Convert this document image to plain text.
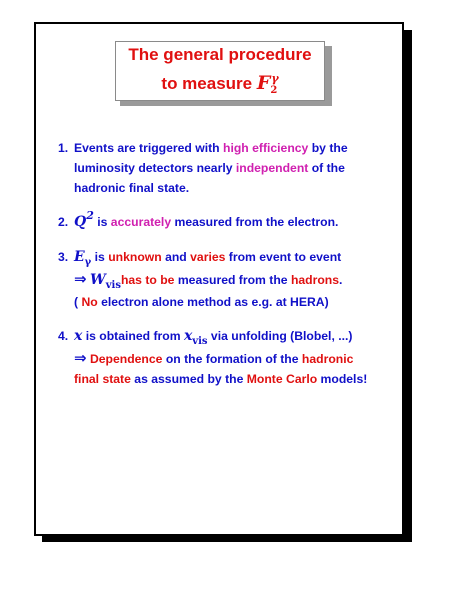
The general procedure
to measure $F_2^\gamma$
1. Events are triggered with high efficiency by the
luminosity detectors nearly independent of the
hadronic final state.
2. $Q^2$ is accurately measured from the electron.
3. $E_\gamma$ is unknown and varies from event to event
⇒ $W_{vis}has$ to be measured from the hadrons.
( No electron alone method as e.g. at HERA)
4. x is obtained from $x_{vis}$ via unfolding (Blobel, ...)
⇒ Dependence on the formation of the hadronic
final state as assumed by the Monte Carlo models!
